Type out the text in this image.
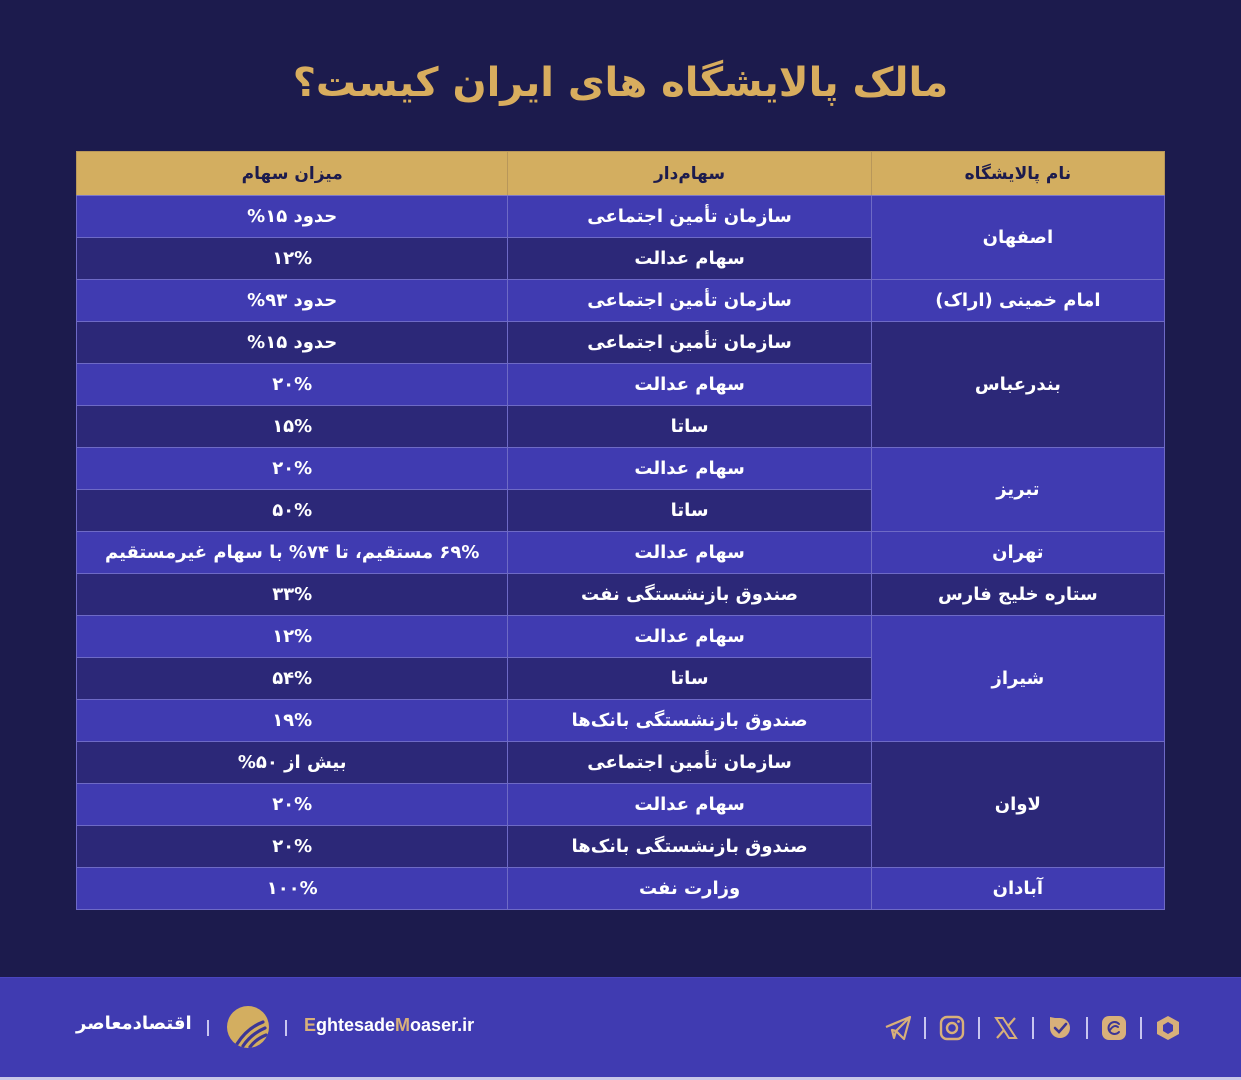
مالک پالایشگاه های ایران کیست؟
نام پالایشگاه	سهام‌دار	میزان سهام
اصفهان	سازمان تأمین اجتماعی	حدود ۱۵%
	سهام عدالت	۱۲%
امام خمینی (اراک)	سازمان تأمین اجتماعی	حدود ۹۳%
بندرعباس	سازمان تأمین اجتماعی	حدود ۱۵%
	سهام عدالت	۲۰%
	ساتا	۱۵%
تبریز	سهام عدالت	۲۰%
	ساتا	۵۰%
تهران	سهام عدالت	۶۹% مستقیم، تا ۷۴% با سهام غیرمستقیم
ستاره خلیج فارس	صندوق بازنشستگی نفت	۳۳%
شیراز	سهام عدالت	۱۲%
	ساتا	۵۴%
	صندوق بازنشستگی بانک‌ها	۱۹%
لاوان	سازمان تأمین اجتماعی	بیش از ۵۰%
	سهام عدالت	۲۰%
	صندوق بازنشستگی بانک‌ها	۲۰%
آبادان	وزارت نفت	۱۰۰%
اقتصادمعاصر	EghtesadeMoaser.ir
